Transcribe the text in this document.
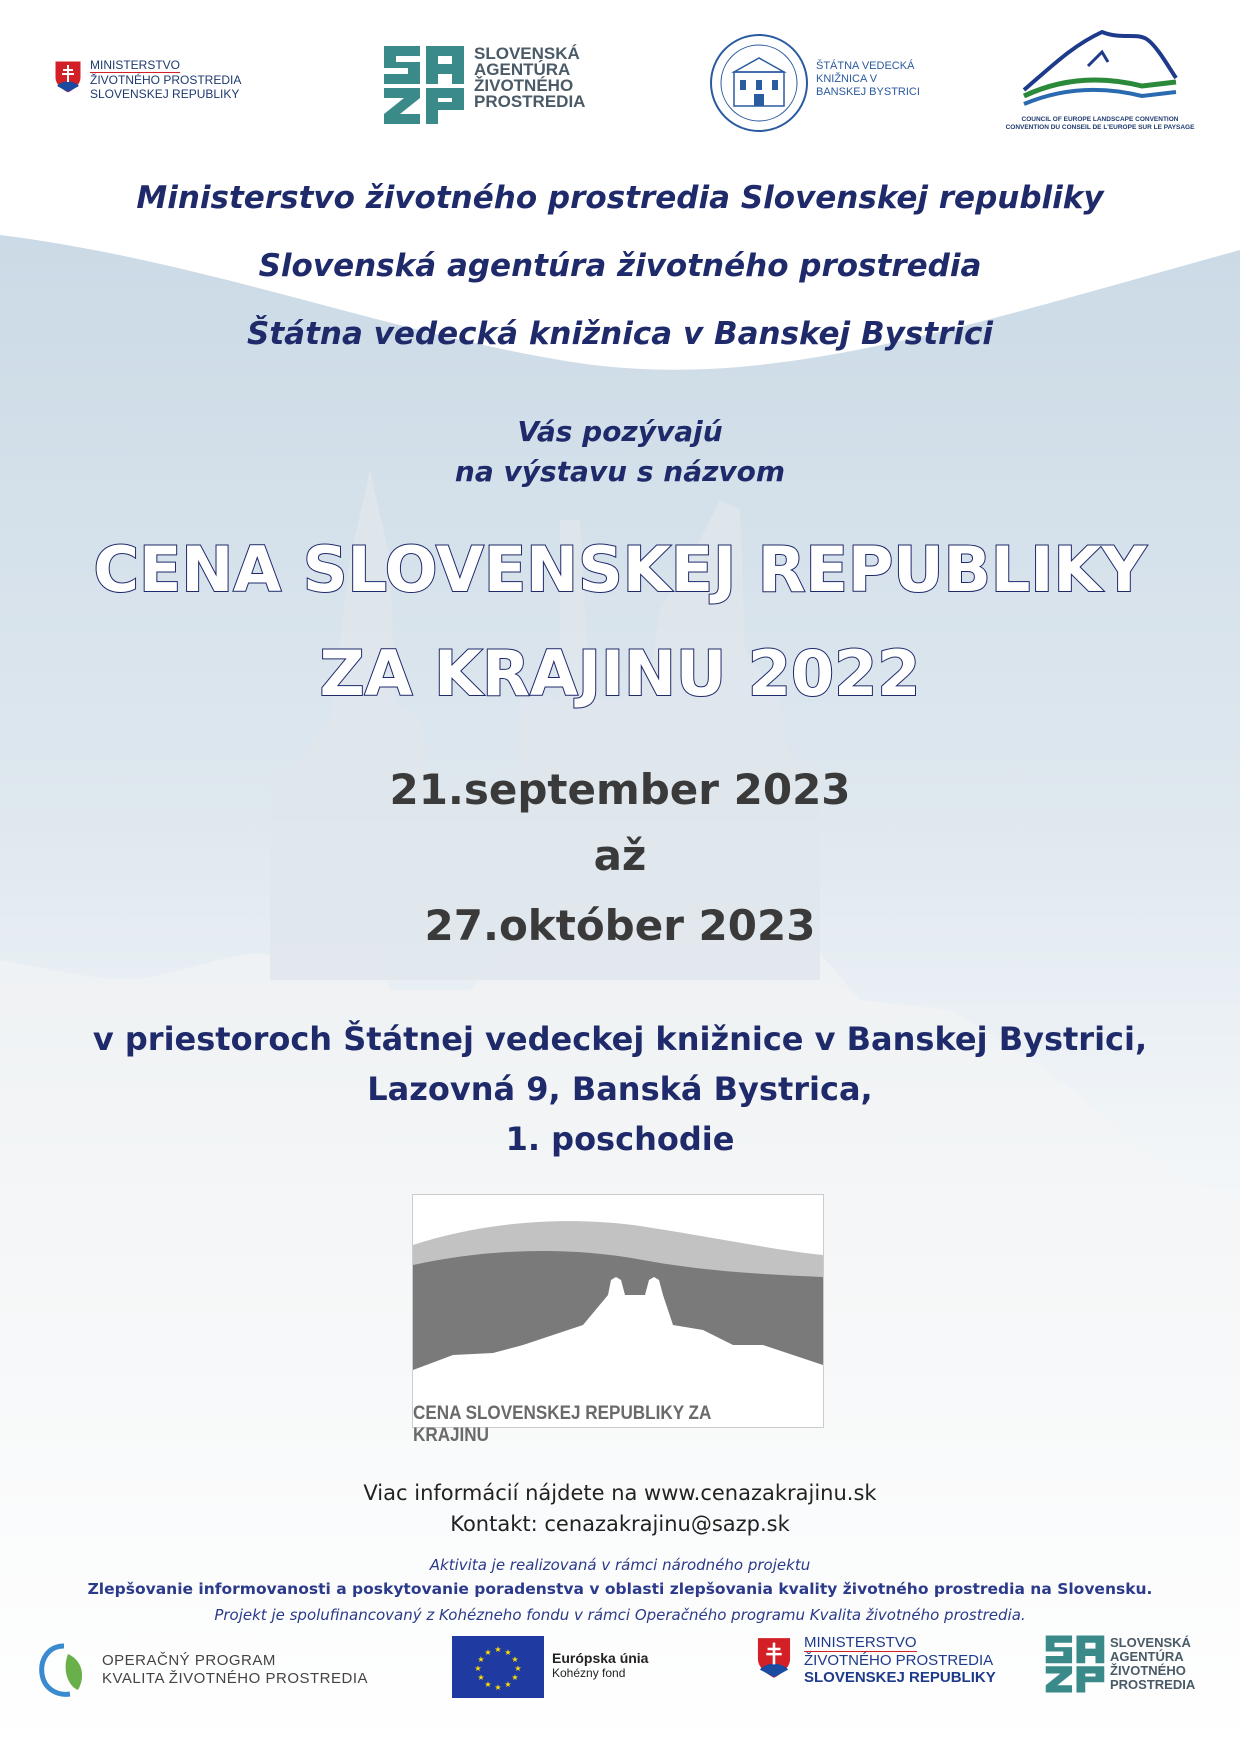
MINISTERSTVO
ŽIVOTNÉHO PROSTREDIA
SLOVENSKEJ REPUBLIKY
SLOVENSKÁ
AGENTÚRA
ŽIVOTNÉHO
PROSTREDIA
ŠTÁTNA VEDECKÁ
KNIŽNICA V
BANSKEJ BYSTRICI
COUNCIL OF EUROPE LANDSCAPE CONVENTION
CONVENTION DU CONSEIL DE L'EUROPE SUR LE PAYSAGE
Ministerstvo životného prostredia Slovenskej republiky
Slovenská agentúra životného prostredia
Štátna vedecká knižnica v Banskej Bystrici
Vás pozývajú
na výstavu s názvom
CENA SLOVENSKEJ REPUBLIKY
ZA KRAJINU 2022
21.september 2023
až
27.október 2023
v priestoroch Štátnej vedeckej knižnice v Banskej Bystrici,
Lazovná 9, Banská Bystrica,
1. poschodie
CENA SLOVENSKEJ REPUBLIKY ZA KRAJINU
Viac informácií nájdete na www.cenazakrajinu.sk
Kontakt: cenazakrajinu@sazp.sk
Aktivita je realizovaná v rámci národného projektu
Zlepšovanie informovanosti a poskytovanie poradenstva v oblasti zlepšovania kvality životného prostredia na Slovensku.
Projekt je spolufinancovaný z Kohézneho fondu v rámci Operačného programu Kvalita životného prostredia.
OPERAČNÝ PROGRAM
KVALITA ŽIVOTNÉHO PROSTREDIA
★ ★
★
★
★
★
★
★
★
★
★
★	Európska únia
Kohézny fond
MINISTERSTVO
ŽIVOTNÉHO PROSTREDIA
SLOVENSKEJ REPUBLIKY
SLOVENSKÁ
AGENTÚRA
ŽIVOTNÉHO
PROSTREDIA
